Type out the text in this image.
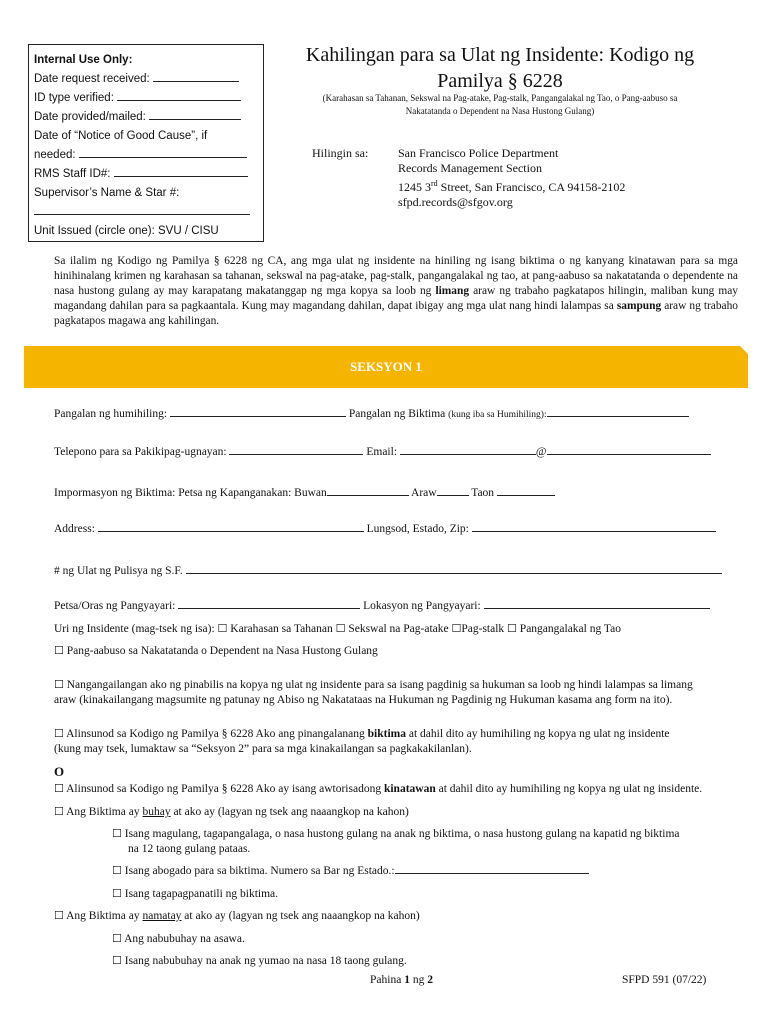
Internal Use Only:
Date request received:
ID type verified:
Date provided/mailed:
Date of “Notice of Good Cause”, if
needed:
RMS Staff ID#:
Supervisor’s Name & Star #:
Unit Issued (circle one): SVU / CISU
Kahilingan para sa Ulat ng Insidente: Kodigo ng
Pamilya § 6228
(Karahasan sa Tahanan, Sekswal na Pag-atake, Pag-stalk, Pangangalakal ng Tao, o Pang-aabuso sa
Nakatatanda o Dependent na Nasa Hustong Gulang)
Hilingin sa: San Francisco Police Department
Records Management Section
1245 3rd Street, San Francisco, CA 94158-2102
sfpd.records@sfgov.org
Sa ilalim ng Kodigo ng Pamilya § 6228 ng CA, ang mga ulat ng insidente na hiniling ng isang biktima o ng kanyang kinatawan para sa mga hinihinalang krimen ng karahasan sa tahanan, sekswal na pag-atake, pag-stalk, pangangalakal ng tao, at pang-aabuso sa nakatatanda o dependente na nasa hustong gulang ay may karapatang makatanggap ng mga kopya sa loob ng limang araw ng trabaho pagkatapos hilingin, maliban kung may magandang dahilan para sa pagkaantala. Kung may magandang dahilan, dapat ibigay ang mga ulat nang hindi lalampas sa sampung araw ng trabaho pagkatapos magawa ang kahilingan.
SEKSYON 1
Pangalan ng humihiling:	Pangalan ng Biktima (kung iba sa Humihiling):
Telepono para sa Pakikipag-ugnayan:	Email:	@
Impormasyon ng Biktima: Petsa ng Kapanganakan: Buwan	Araw	Taon
Address:	Lungsod, Estado, Zip:
# ng Ulat ng Pulisya ng S.F.
Petsa/Oras ng Pangyayari:	Lokasyon ng Pangyayari:
Uri ng Insidente (mag-tsek ng isa): ☐ Karahasan sa Tahanan ☐ Sekswal na Pag-atake ☐Pag-stalk ☐ Pangangalakal ng Tao
☐ Pang-aabuso sa Nakatatanda o Dependent na Nasa Hustong Gulang
☐ Nangangailangan ako ng pinabilis na kopya ng ulat ng insidente para sa isang pagdinig sa hukuman sa loob ng hindi lalampas sa limang
araw (kinakailangang magsumite ng patunay ng Abiso ng Nakatataas na Hukuman ng Pagdinig ng Hukuman kasama ang form na ito).
☐ Alinsunod sa Kodigo ng Pamilya § 6228 Ako ang pinangalanang biktima at dahil dito ay humihiling ng kopya ng ulat ng insidente
(kung may tsek, lumaktaw sa “Seksyon 2” para sa mga kinakailangan sa pagkakakilanlan).
O
☐ Alinsunod sa Kodigo ng Pamilya § 6228 Ako ay isang awtorisadong kinatawan at dahil dito ay humihiling ng kopya ng ulat ng insidente.
☐ Ang Biktima ay buhay at ako ay (lagyan ng tsek ang naaangkop na kahon)
☐ Isang magulang, tagapangalaga, o nasa hustong gulang na anak ng biktima, o nasa hustong gulang na kapatid ng biktima
na 12 taong gulang pataas.
☐ Isang abogado para sa biktima. Numero sa Bar ng Estado.:
☐ Isang tagapagpanatili ng biktima.
☐ Ang Biktima ay namatay at ako ay (lagyan ng tsek ang naaangkop na kahon)
☐ Ang nabubuhay na asawa.
☐ Isang nabubuhay na anak ng yumao na nasa 18 taong gulang.
Pahina 1 ng 2	SFPD 591 (07/22)
